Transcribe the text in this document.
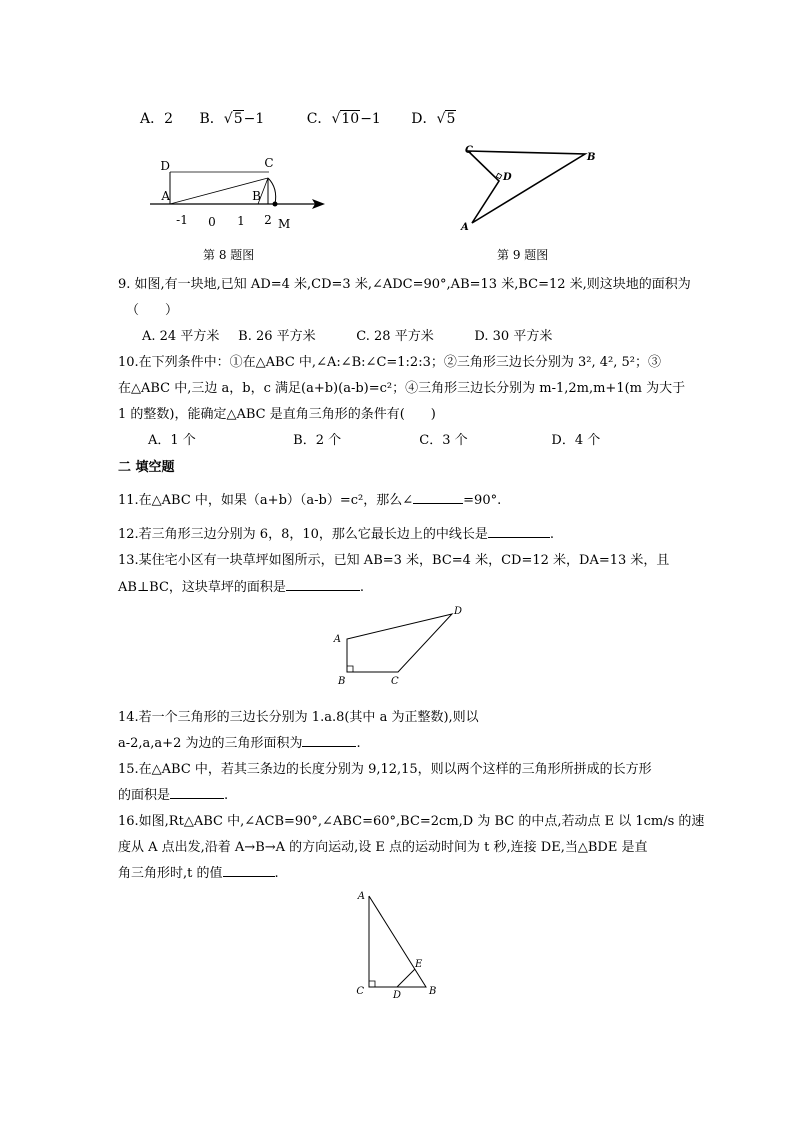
A．2 B．√5−1	C．√10−1 D．√5
D	C
A	B
M
-1 0 1 2
C
B
D
A
第 8 题图	第 9 题图
9. 如图,有一块地,已知 AD=4 米,CD=3 米,∠ADC=90°,AB=13 米,BC=12 米,则这块地的面积为
（　　）
A. 24 平方米 B. 26 平方米	C. 28 平方米	D. 30 平方米
10.在下列条件中：①在△ABC 中,∠A:∠B:∠C=1:2:3；②三角形三边长分别为 3², 4², 5²；③
在△ABC 中,三边 a，b，c 满足(a+b)(a-b)=c²；④三角形三边长分别为 m-1,2m,m+1(m 为大于
1 的整数)，能确定△ABC 是直角三角形的条件有(　　)
A．1 个	B．2 个	C．3 个	D．4 个
二 填空题
11.在△ABC 中，如果（a+b）（a-b）=c²，那么∠	=90°.
12.若三角形三边分别为 6，8，10，那么它最长边上的中线长是	.
13.某住宅小区有一块草坪如图所示，已知 AB=3 米，BC=4 米，CD=12 米，DA=13 米，且
AB⊥BC，这块草坪的面积是	.
A
B	C
D
14.若一个三角形的三边长分别为 1.a.8(其中 a 为正整数),则以
a-2,a,a+2 为边的三角形面积为	.
15.在△ABC 中，若其三条边的长度分别为 9,12,15，则以两个这样的三角形所拼成的长方形
的面积是	.
16.如图,Rt△ABC 中,∠ACB=90°,∠ABC=60°,BC=2cm,D 为 BC 的中点,若动点 E 以 1cm/s 的速
度从 A 点出发,沿着 A→B→A 的方向运动,设 E 点的运动时间为 t 秒,连接 DE,当△BDE 是直
角三角形时,t 的值	.
A
C	D	B
E
